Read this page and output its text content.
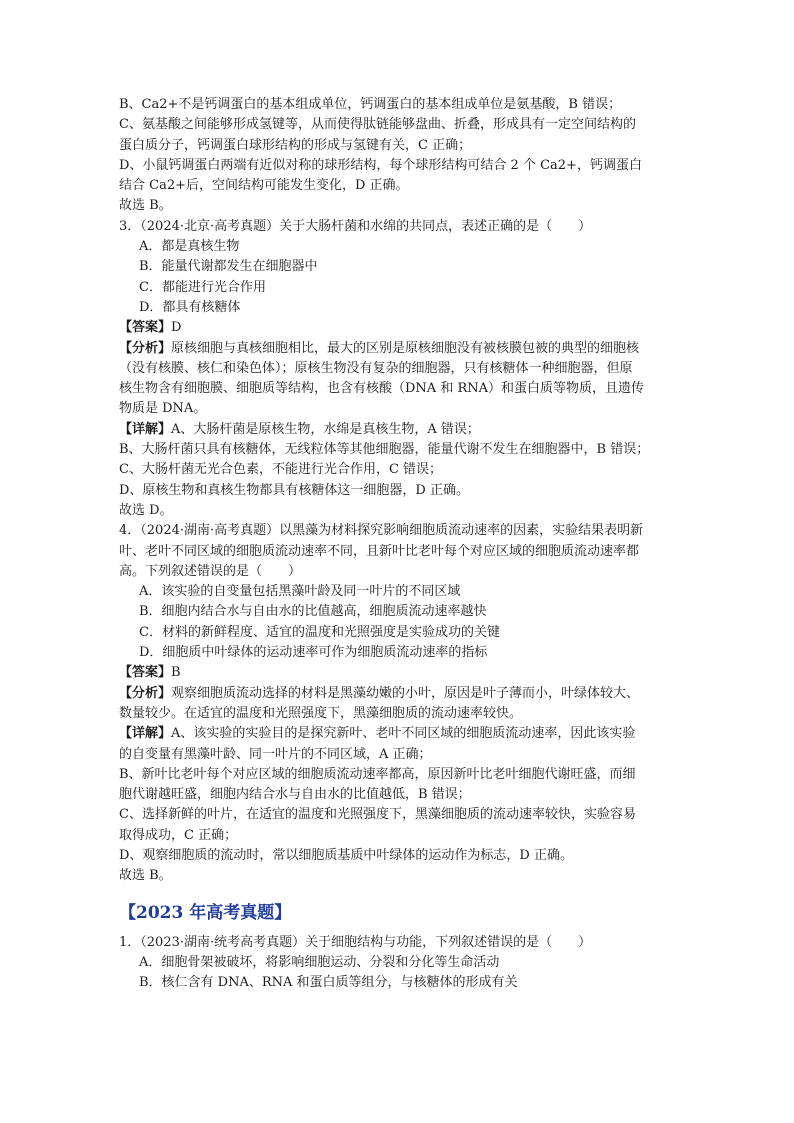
B、Ca2+不是钙调蛋白的基本组成单位，钙调蛋白的基本组成单位是氨基酸，B 错误；
C、氨基酸之间能够形成氢键等，从而使得肽链能够盘曲、折叠，形成具有一定空间结构的
蛋白质分子，钙调蛋白球形结构的形成与氢键有关，C 正确；
D、小鼠钙调蛋白两端有近似对称的球形结构，每个球形结构可结合 2 个 Ca2+，钙调蛋白
结合 Ca2+后，空间结构可能发生变化，D 正确。
故选 B。
3．（2024·北京·高考真题）关于大肠杆菌和水绵的共同点，表述正确的是（　　）
A．都是真核生物
B．能量代谢都发生在细胞器中
C．都能进行光合作用
D．都具有核糖体
【答案】D
【分析】原核细胞与真核细胞相比，最大的区别是原核细胞没有被核膜包被的典型的细胞核
（没有核膜、核仁和染色体）；原核生物没有复杂的细胞器，只有核糖体一种细胞器，但原
核生物含有细胞膜、细胞质等结构，也含有核酸（DNA 和 RNA）和蛋白质等物质，且遗传
物质是 DNA。
【详解】A、大肠杆菌是原核生物，水绵是真核生物，A 错误；
B、大肠杆菌只具有核糖体，无线粒体等其他细胞器，能量代谢不发生在细胞器中，B 错误；
C、大肠杆菌无光合色素，不能进行光合作用，C 错误；
D、原核生物和真核生物都具有核糖体这一细胞器，D 正确。
故选 D。
4．（2024·湖南·高考真题）以黑藻为材料探究影响细胞质流动速率的因素，实验结果表明新
叶、老叶不同区域的细胞质流动速率不同，且新叶比老叶每个对应区域的细胞质流动速率都
高。下列叙述错误的是（　　）
A．该实验的自变量包括黑藻叶龄及同一叶片的不同区域
B．细胞内结合水与自由水的比值越高，细胞质流动速率越快
C．材料的新鲜程度、适宜的温度和光照强度是实验成功的关键
D．细胞质中叶绿体的运动速率可作为细胞质流动速率的指标
【答案】B
【分析】观察细胞质流动选择的材料是黑藻幼嫩的小叶，原因是叶子薄而小，叶绿体较大、
数量较少。在适宜的温度和光照强度下，黑藻细胞质的流动速率较快。
【详解】A、该实验的实验目的是探究新叶、老叶不同区域的细胞质流动速率，因此该实验
的自变量有黑藻叶龄、同一叶片的不同区域，A 正确；
B、新叶比老叶每个对应区域的细胞质流动速率都高，原因新叶比老叶细胞代谢旺盛，而细
胞代谢越旺盛，细胞内结合水与自由水的比值越低，B 错误；
C、选择新鲜的叶片，在适宜的温度和光照强度下，黑藻细胞质的流动速率较快，实验容易
取得成功，C 正确；
D、观察细胞质的流动时，常以细胞质基质中叶绿体的运动作为标志，D 正确。
故选 B。
【2023 年高考真题】
1．（2023·湖南·统考高考真题）关于细胞结构与功能，下列叙述错误的是（　　）
A．细胞骨架被破坏，将影响细胞运动、分裂和分化等生命活动
B．核仁含有 DNA、RNA 和蛋白质等组分，与核糖体的形成有关
